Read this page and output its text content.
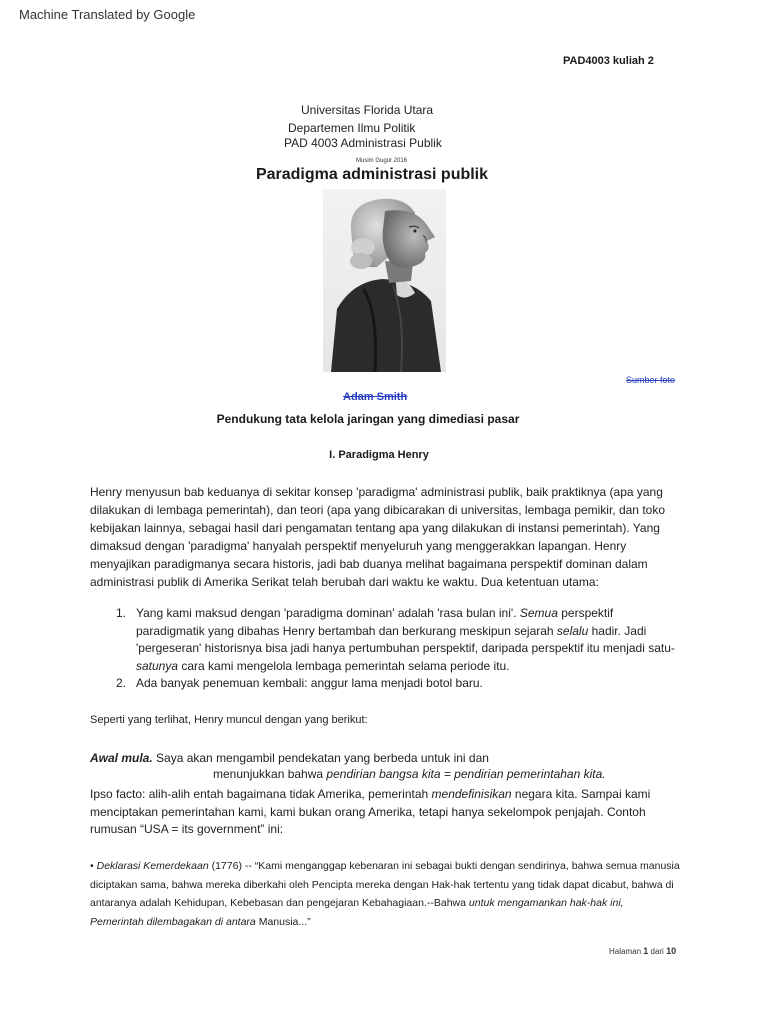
Machine Translated by Google
PAD4003 kuliah 2
Universitas Florida Utara
Departemen Ilmu Politik
PAD 4003 Administrasi Publik
Musim Gugur 2016
Paradigma administrasi publik
Sumber foto
Adam Smith
Pendukung tata kelola jaringan yang dimediasi pasar
I. Paradigma Henry
Henry menyusun bab keduanya di sekitar konsep 'paradigma' administrasi publik, baik praktiknya (apa yang dilakukan di lembaga pemerintah), dan teori (apa yang dibicarakan di universitas, lembaga pemikir, dan toko kebijakan lainnya, sebagai hasil dari pengamatan tentang apa yang dilakukan di instansi pemerintah). Yang dimaksud dengan 'paradigma' hanyalah perspektif menyeluruh yang menggerakkan lapangan. Henry menyajikan paradigmanya secara historis, jadi bab duanya melihat bagaimana perspektif dominan dalam administrasi publik di Amerika Serikat telah berubah dari waktu ke waktu. Dua ketentuan utama:
1. Yang kami maksud dengan 'paradigma dominan' adalah 'rasa bulan ini'. Semua perspektif paradigmatik yang dibahas Henry bertambah dan berkurang meskipun sejarah selalu hadir. Jadi 'pergeseran' historisnya bisa jadi hanya pertumbuhan perspektif, daripada perspektif itu menjadi satu- satunya cara kami mengelola lembaga pemerintah selama periode itu.
2. Ada banyak penemuan kembali: anggur lama menjadi botol baru.
Seperti yang terlihat, Henry muncul dengan yang berikut:
Awal mula. Saya akan mengambil pendekatan yang berbeda untuk ini dan
menunjukkan bahwa pendirian bangsa kita = pendirian pemerintahan kita.
Ipso facto: alih-alih entah bagaimana tidak Amerika, pemerintah mendefinisikan negara kita. Sampai kami menciptakan pemerintahan kami, kami bukan orang Amerika, tetapi hanya sekelompok penjajah. Contoh rumusan “USA = its government” ini:
• Deklarasi Kemerdekaan (1776) -- “Kami menganggap kebenaran ini sebagai bukti dengan sendirinya, bahwa semua manusia diciptakan sama, bahwa mereka diberkahi oleh Pencipta mereka dengan Hak-hak tertentu yang tidak dapat dicabut, bahwa di antaranya adalah Kehidupan, Kebebasan dan pengejaran Kebahagiaan.--Bahwa untuk mengamankan hak-hak ini, Pemerintah dilembagakan di antara Manusia...”
Halaman 1 dari 10
